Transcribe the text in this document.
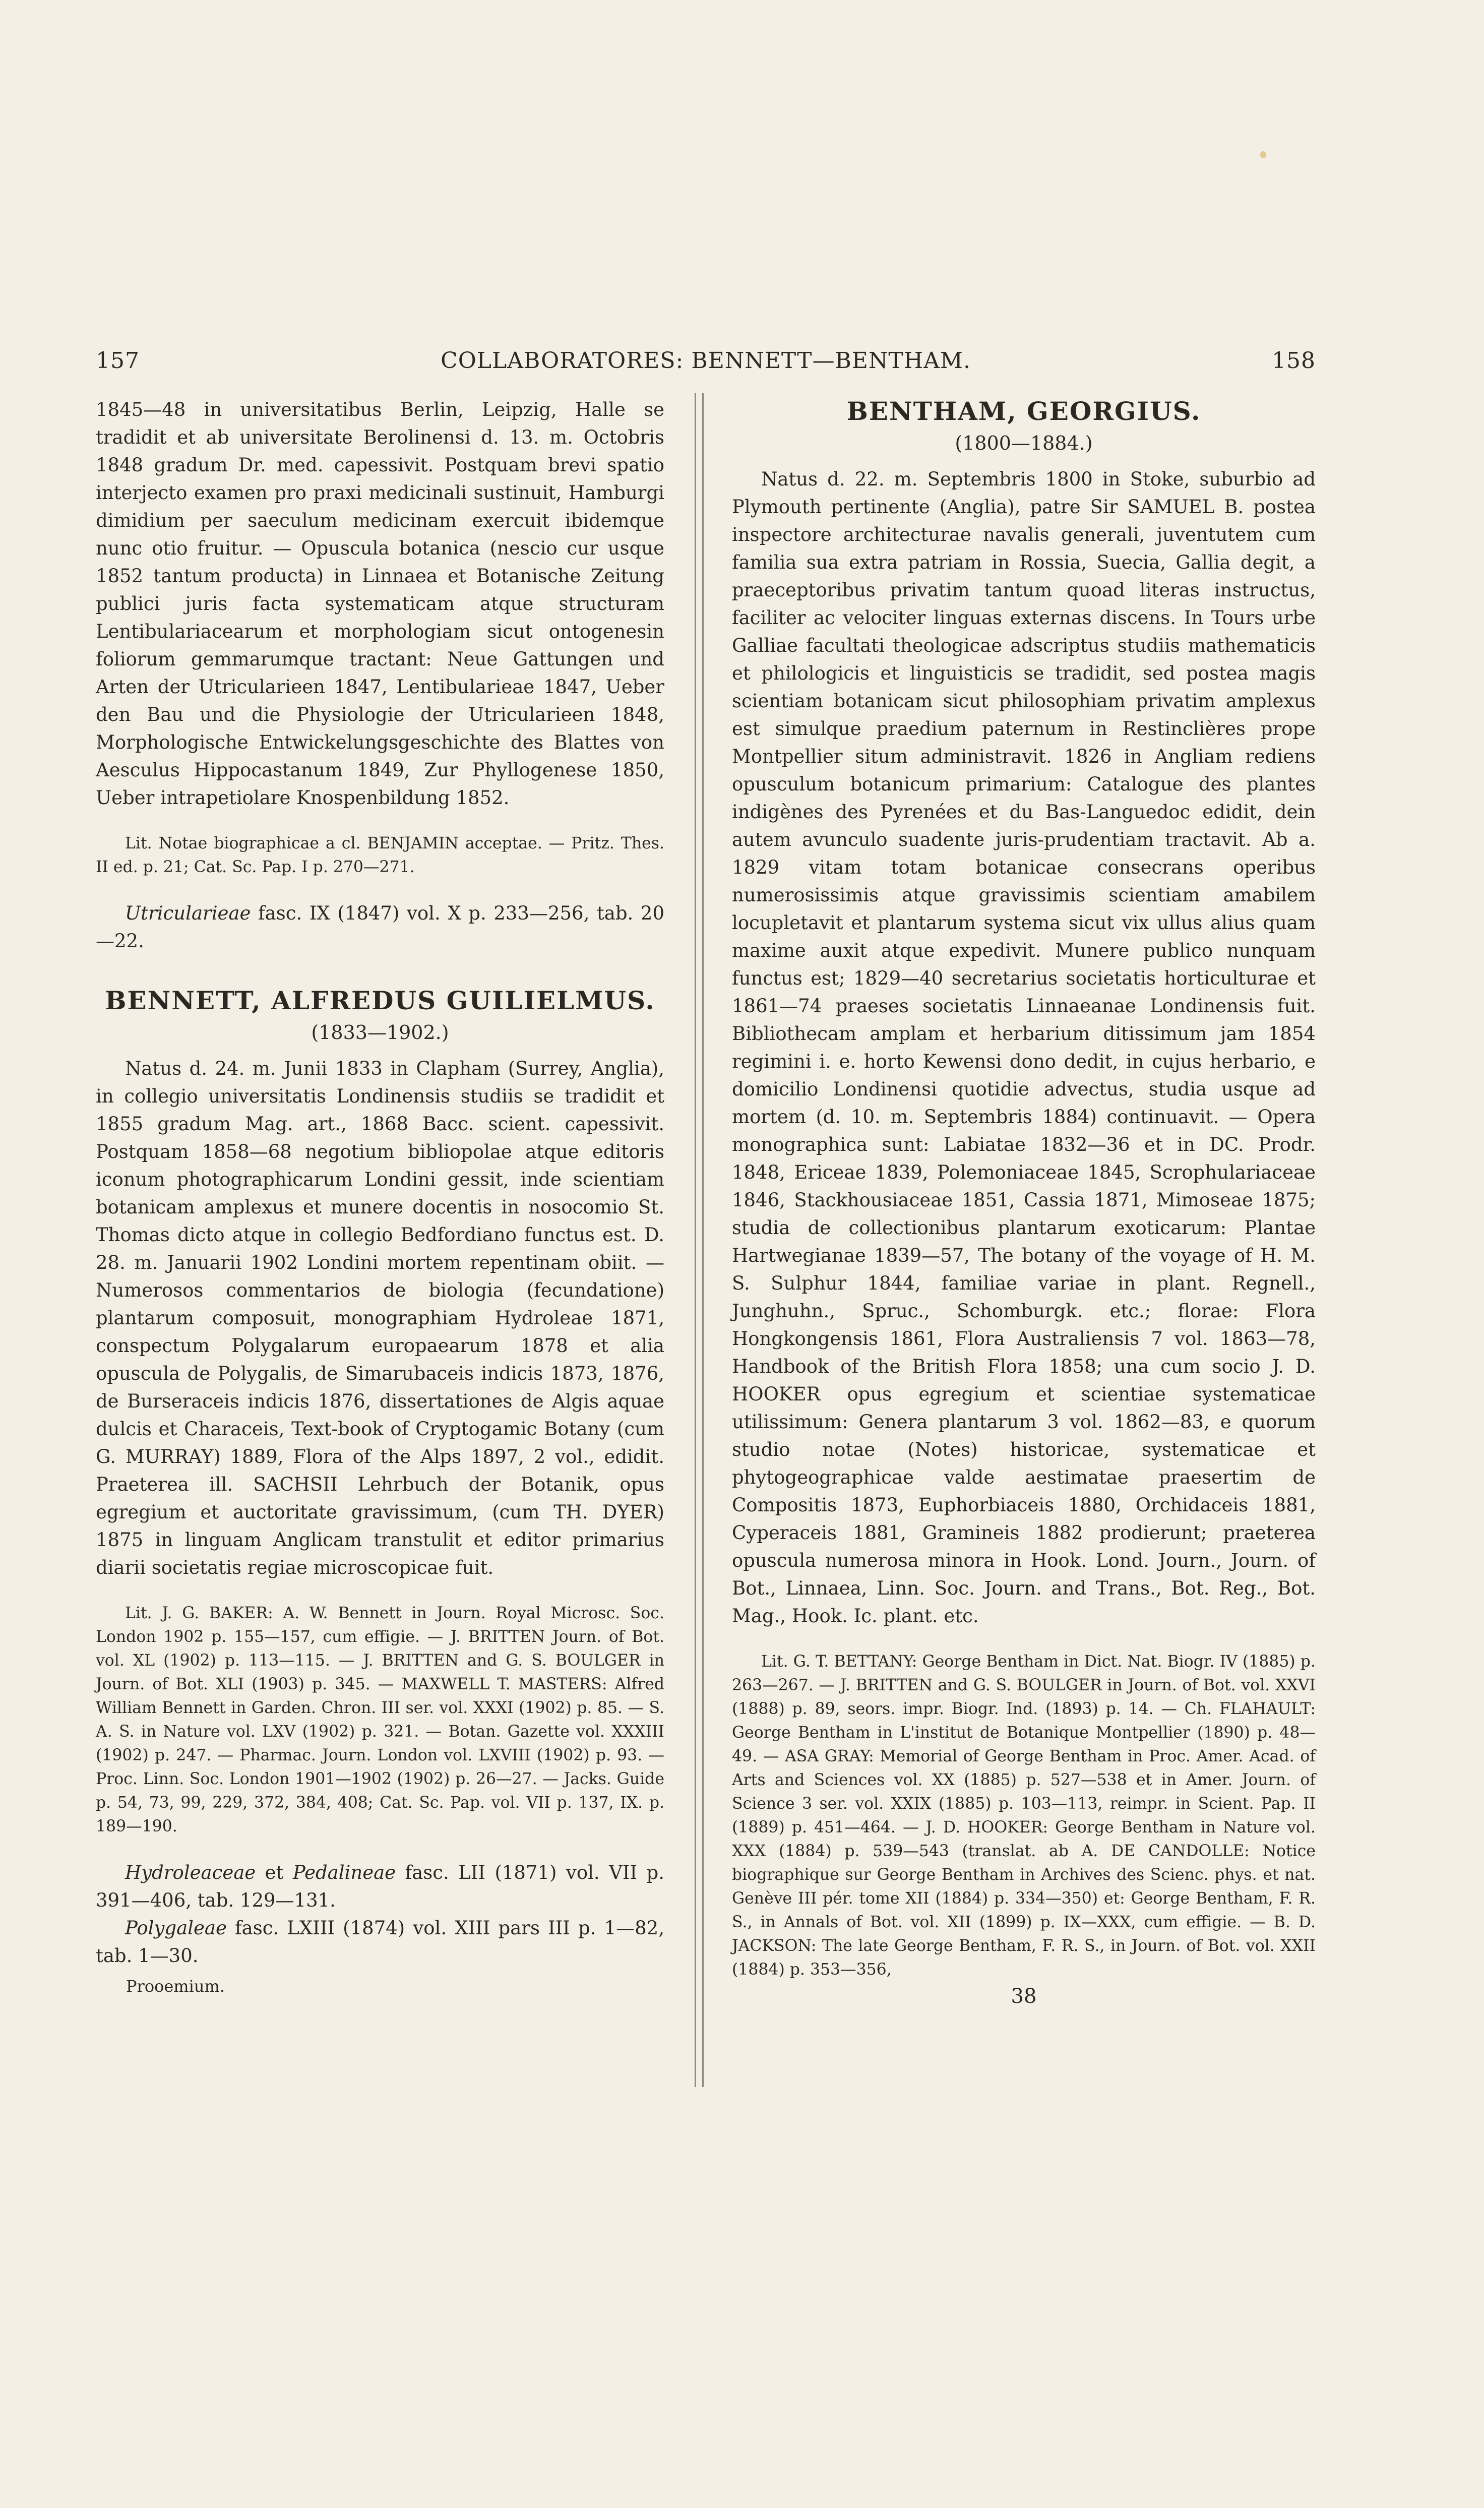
157	COLLABORATORES: BENNETT—BENTHAM.	158

1845—48 in universitatibus Berlin, Leipzig, Halle se tradidit et ab universitate Berolinensi d. 13. m. Octobris 1848 gradum Dr. med. capessivit. Postquam brevi spatio interjecto examen pro praxi medicinali sustinuit, Hamburgi dimidium per saeculum medicinam exercuit ibidemque nunc otio fruitur. — Opuscula botanica (nescio cur usque 1852 tantum producta) in Linnaea et Botanische Zeitung publici juris facta systematicam atque structuram Lentibulariacearum et morphologiam sicut ontogenesin foliorum gemmarumque tractant: Neue Gattungen und Arten der Utricularieen 1847, Lentibularieae 1847, Ueber den Bau und die Physiologie der Utricularieen 1848, Morphologische Entwickelungsgeschichte des Blattes von Aesculus Hippocastanum 1849, Zur Phyllogenese 1850, Ueber intrapetiolare Knospenbildung 1852.

Lit. Notae biographicae a cl. BENJAMIN acceptae. — Pritz. Thes. II ed. p. 21; Cat. Sc. Pap. I p. 270—271.

Utricularieae fasc. IX (1847) vol. X p. 233—256, tab. 20—22.

BENNETT, ALFREDUS GUILIELMUS.
(1833—1902.)

Natus d. 24. m. Junii 1833 in Clapham (Surrey, Anglia), in collegio universitatis Londinensis studiis se tradidit et 1855 gradum Mag. art., 1868 Bacc. scient. capessivit. Postquam 1858—68 negotium bibliopolae atque editoris iconum photographicarum Londini gessit, inde scientiam botanicam amplexus et munere docentis in nosocomio St. Thomas dicto atque in collegio Bedfordiano functus est. D. 28. m. Januarii 1902 Londini mortem repentinam obiit. — Numerosos commentarios de biologia (fecundatione) plantarum composuit, monographiam Hydroleae 1871, conspectum Polygalarum europaearum 1878 et alia opuscula de Polygalis, de Simarubaceis indicis 1873, 1876, de Burseraceis indicis 1876, dissertationes de Algis aquae dulcis et Characeis, Text-book of Cryptogamic Botany (cum G. MURRAY) 1889, Flora of the Alps 1897, 2 vol., edidit. Praeterea ill. SACHSII Lehrbuch der Botanik, opus egregium et auctoritate gravissimum, (cum TH. DYER) 1875 in linguam Anglicam transtulit et editor primarius diarii societatis regiae microscopicae fuit.

Lit. J. G. BAKER: A. W. Bennett in Journ. Royal Microsc. Soc. London 1902 p. 155—157, cum effigie. — J. BRITTEN Journ. of Bot. vol. XL (1902) p. 113—115. — J. BRITTEN and G. S. BOULGER in Journ. of Bot. XLI (1903) p. 345. — MAXWELL T. MASTERS: Alfred William Bennett in Garden. Chron. III ser. vol. XXXI (1902) p. 85. — S. A. S. in Nature vol. LXV (1902) p. 321. — Botan. Gazette vol. XXXIII (1902) p. 247. — Pharmac. Journ. London vol. LXVIII (1902) p. 93. — Proc. Linn. Soc. London 1901—1902 (1902) p. 26—27. — Jacks. Guide p. 54, 73, 99, 229, 372, 384, 408; Cat. Sc. Pap. vol. VII p. 137, IX. p. 189—190.

Hydroleaceae et Pedalineae fasc. LII (1871) vol. VII p. 391—406, tab. 129—131.

Polygaleae fasc. LXIII (1874) vol. XIII pars III p. 1—82, tab. 1—30.

Prooemium.
BENTHAM, GEORGIUS.
(1800—1884.)

Natus d. 22. m. Septembris 1800 in Stoke, suburbio ad Plymouth pertinente (Anglia), patre Sir SAMUEL B. postea inspectore architecturae navalis generali, juventutem cum familia sua extra patriam in Rossia, Suecia, Gallia degit, a praeceptoribus privatim tantum quoad literas instructus, faciliter ac velociter linguas externas discens. In Tours urbe Galliae facultati theologicae adscriptus studiis mathematicis et philologicis et linguisticis se tradidit, sed postea magis scientiam botanicam sicut philosophiam privatim amplexus est simulque praedium paternum in Restinclières prope Montpellier situm administravit. 1826 in Angliam rediens opusculum botanicum primarium: Catalogue des plantes indigènes des Pyrenées et du Bas-Languedoc edidit, dein autem avunculo suadente juris-prudentiam tractavit. Ab a. 1829 vitam totam botanicae consecrans operibus numerosissimis atque gravissimis scientiam amabilem locupletavit et plantarum systema sicut vix ullus alius quam maxime auxit atque expedivit. Munere publico nunquam functus est; 1829—40 secretarius societatis horticulturae et 1861—74 praeses societatis Linnaeanae Londinensis fuit. Bibliothecam amplam et herbarium ditissimum jam 1854 regimini i. e. horto Kewensi dono dedit, in cujus herbario, e domicilio Londinensi quotidie advectus, studia usque ad mortem (d. 10. m. Septembris 1884) continuavit. — Opera monographica sunt: Labiatae 1832—36 et in DC. Prodr. 1848, Ericeae 1839, Polemoniaceae 1845, Scrophulariaceae 1846, Stackhousiaceae 1851, Cassia 1871, Mimoseae 1875; studia de collectionibus plantarum exoticarum: Plantae Hartwegianae 1839—57, The botany of the voyage of H. M. S. Sulphur 1844, familiae variae in plant. Regnell., Junghuhn., Spruc., Schomburgk. etc.; florae: Flora Hongkongensis 1861, Flora Australiensis 7 vol. 1863—78, Handbook of the British Flora 1858; una cum socio J. D. HOOKER opus egregium et scientiae systematicae utilissimum: Genera plantarum 3 vol. 1862—83, e quorum studio notae (Notes) historicae, systematicae et phytogeographicae valde aestimatae praesertim de Compositis 1873, Euphorbiaceis 1880, Orchidaceis 1881, Cyperaceis 1881, Gramineis 1882 prodierunt; praeterea opuscula numerosa minora in Hook. Lond. Journ., Journ. of Bot., Linnaea, Linn. Soc. Journ. and Trans., Bot. Reg., Bot. Mag., Hook. Ic. plant. etc.

Lit. G. T. BETTANY: George Bentham in Dict. Nat. Biogr. IV (1885) p. 263—267. — J. BRITTEN and G. S. BOULGER in Journ. of Bot. vol. XXVI (1888) p. 89, seors. impr. Biogr. Ind. (1893) p. 14. — Ch. FLAHAULT: George Bentham in L'institut de Botanique Montpellier (1890) p. 48—49. — ASA GRAY: Memorial of George Bentham in Proc. Amer. Acad. of Arts and Sciences vol. XX (1885) p. 527—538 et in Amer. Journ. of Science 3 ser. vol. XXIX (1885) p. 103—113, reimpr. in Scient. Pap. II (1889) p. 451—464. — J. D. HOOKER: George Bentham in Nature vol. XXX (1884) p. 539—543 (translat. ab A. DE CANDOLLE: Notice biographique sur George Bentham in Archives des Scienc. phys. et nat. Genève III pér. tome XII (1884) p. 334—350) et: George Bentham, F. R. S., in Annals of Bot. vol. XII (1899) p. IX—XXX, cum effigie. — B. D. JACKSON: The late George Bentham, F. R. S., in Journ. of Bot. vol. XXII (1884) p. 353—356,

38
